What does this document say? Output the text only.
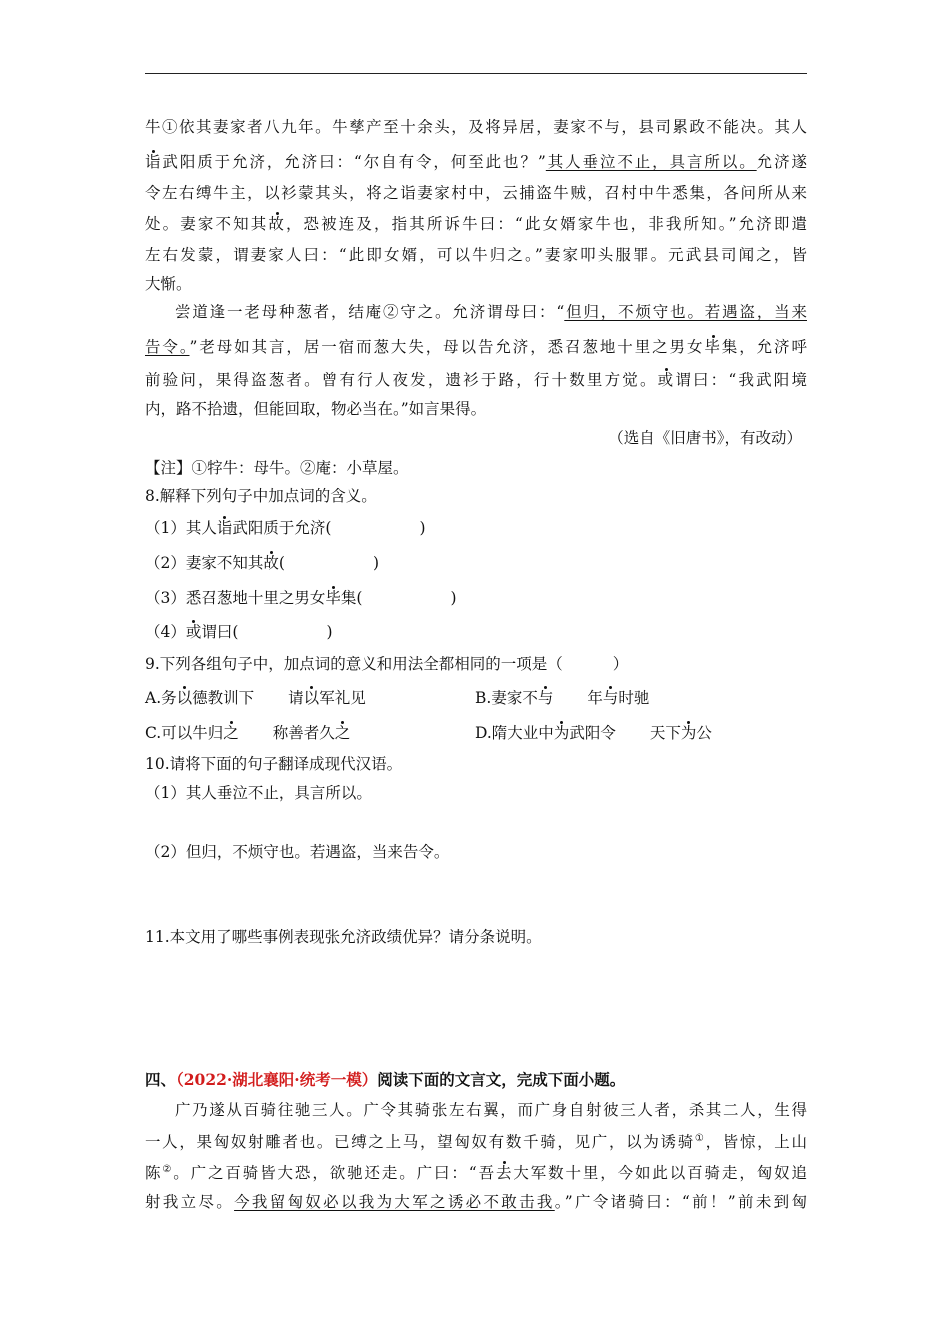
牛①依其妻家者八九年。牛孳产至十余头，及将异居，妻家不与，县司累政不能决。其人
诣武阳质于允济，允济曰：“尔自有令，何至此也？”其人垂泣不止，具言所以。允济遂
令左右缚牛主，以衫蒙其头，将之诣妻家村中，云捕盗牛贼，召村中牛悉集，各问所从来
处。妻家不知其故，恐被连及，指其所诉牛曰：“此女婿家牛也，非我所知。”允济即遣
左右发蒙，谓妻家人曰：“此即女婿，可以牛归之。”妻家叩头服罪。元武县司闻之，皆
大惭。
尝道逢一老母种葱者，结庵②守之。允济谓母曰：“但归，不烦守也。若遇盗，当来
告令。”老母如其言，居一宿而葱大失，母以告允济，悉召葱地十里之男女毕集，允济呼
前验问，果得盗葱者。曾有行人夜发，遗衫于路，行十数里方觉。或谓曰：“我武阳境
内，路不拾遗，但能回取，物必当在。”如言果得。
（选自《旧唐书》，有改动）
【注】①牸牛：母牛。②庵：小草屋。
8.解释下列句子中加点词的含义。
（1）其人诣武阳质于允济(	)
（2）妻家不知其故(	)
（3）悉召葱地十里之男女毕集(	)
（4）或谓曰(	)
9.下列各组句子中，加点词的意义和用法全都相同的一项是（	）
A.务以德教训下 请以军礼见	B.妻家不与 年与时驰
C.可以牛归之 称善者久之	D.隋大业中为武阳令 天下为公
10.请将下面的句子翻译成现代汉语。
（1）其人垂泣不止，具言所以。
（2）但归，不烦守也。若遇盗，当来告令。
11.本文用了哪些事例表现张允济政绩优异？请分条说明。
四、（2022·湖北襄阳·统考一模）阅读下面的文言文，完成下面小题。
广乃遂从百骑往驰三人。广令其骑张左右翼，而广身自射彼三人者，杀其二人，生得
一人，果匈奴射雕者也。已缚之上马，望匈奴有数千骑，见广，以为诱骑①，皆惊，上山
陈②。广之百骑皆大恐，欲驰还走。广曰：“吾去大军数十里，今如此以百骑走，匈奴追
射我立尽。今我留匈奴必以我为大军之诱必不敢击我。”广令诸骑曰：“前！”前未到匈
